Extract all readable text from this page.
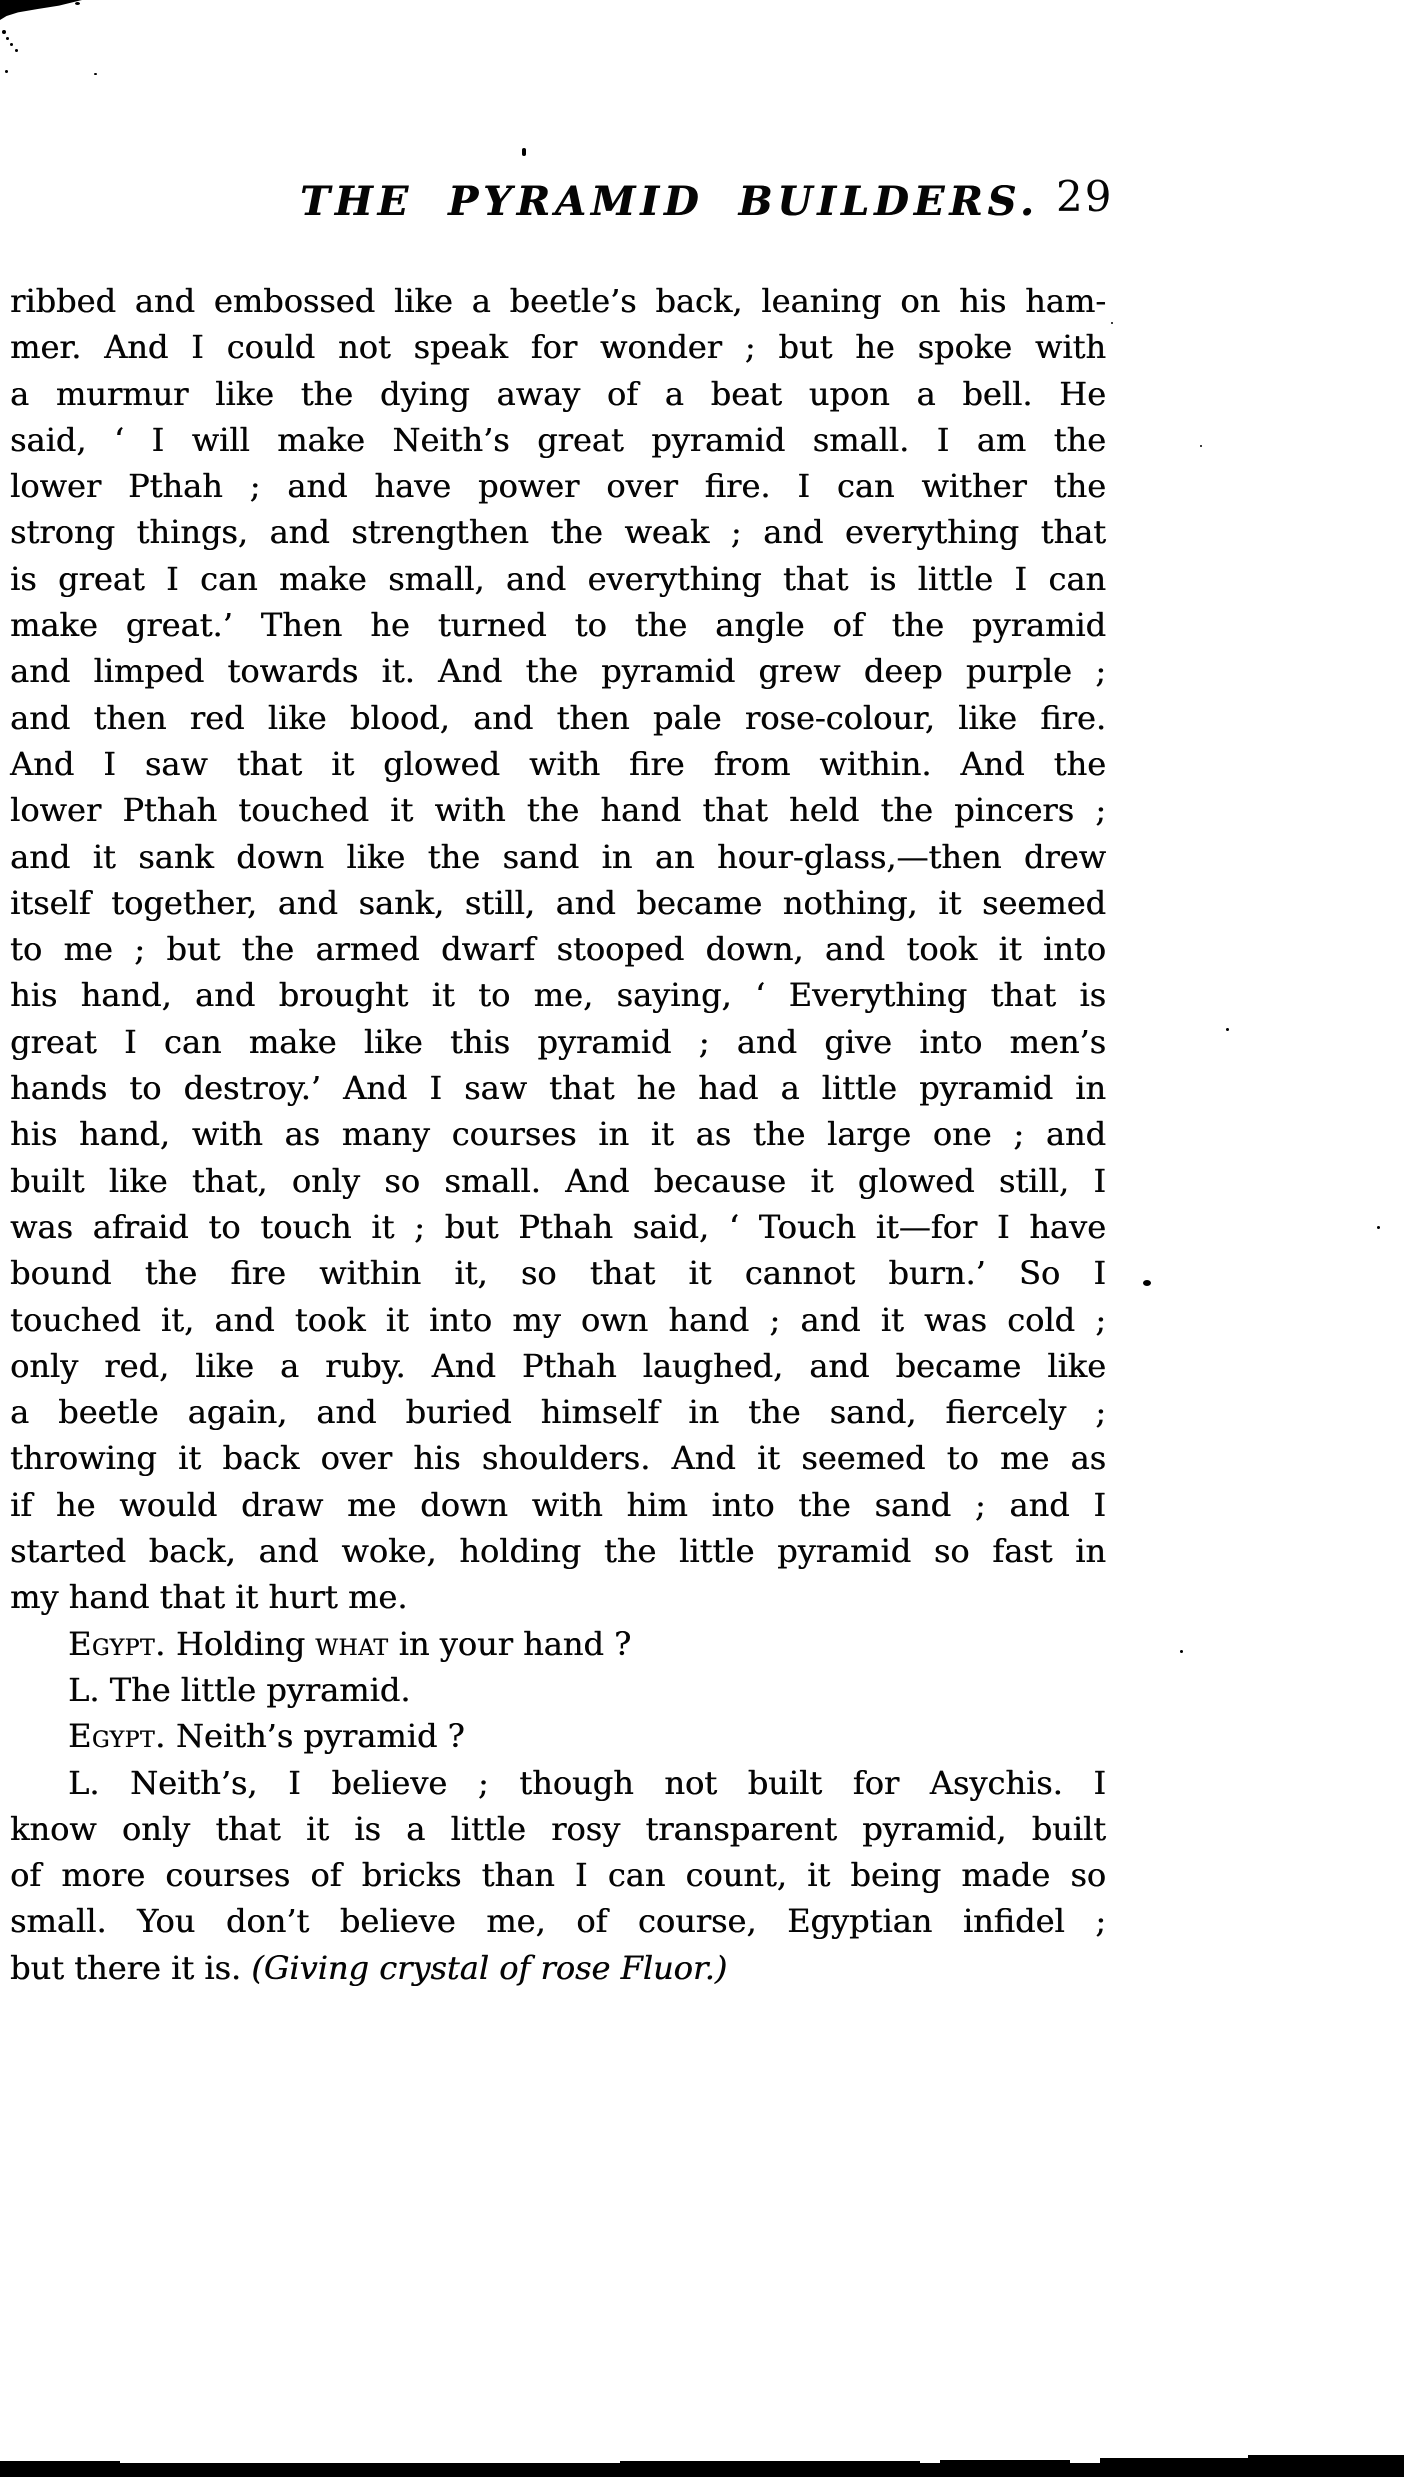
THE PYRAMID BUILDERS. 29
ribbed and embossed like a beetle’s back, leaning on his ham-
mer. And I could not speak for wonder ; but he spoke with
a murmur like the dying away of a beat upon a bell. He
said, ‘ I will make Neith’s great pyramid small. I am the
lower Pthah ; and have power over fire. I can wither the
strong things, and strengthen the weak ; and everything that
is great I can make small, and everything that is little I can
make great.’ Then he turned to the angle of the pyramid
and limped towards it. And the pyramid grew deep purple ;
and then red like blood, and then pale rose-colour, like fire.
And I saw that it glowed with fire from within. And the
lower Pthah touched it with the hand that held the pincers ;
and it sank down like the sand in an hour-glass,—then drew
itself together, and sank, still, and became nothing, it seemed
to me ; but the armed dwarf stooped down, and took it into
his hand, and brought it to me, saying, ‘ Everything that is
great I can make like this pyramid ; and give into men’s
hands to destroy.’ And I saw that he had a little pyramid in
his hand, with as many courses in it as the large one ; and
built like that, only so small. And because it glowed still, I
was afraid to touch it ; but Pthah said, ‘ Touch it—for I have
bound the fire within it, so that it cannot burn.’ So I
touched it, and took it into my own hand ; and it was cold ;
only red, like a ruby. And Pthah laughed, and became like
a beetle again, and buried himself in the sand, fiercely ;
throwing it back over his shoulders. And it seemed to me as
if he would draw me down with him into the sand ; and I
started back, and woke, holding the little pyramid so fast in
my hand that it hurt me.
Egypt. Holding what in your hand ?
L. The little pyramid.
Egypt. Neith’s pyramid ?
L. Neith’s, I believe ; though not built for Asychis. I
know only that it is a little rosy transparent pyramid, built
of more courses of bricks than I can count, it being made so
small. You don’t believe me, of course, Egyptian infidel ;
but there it is. (Giving crystal of rose Fluor.)
